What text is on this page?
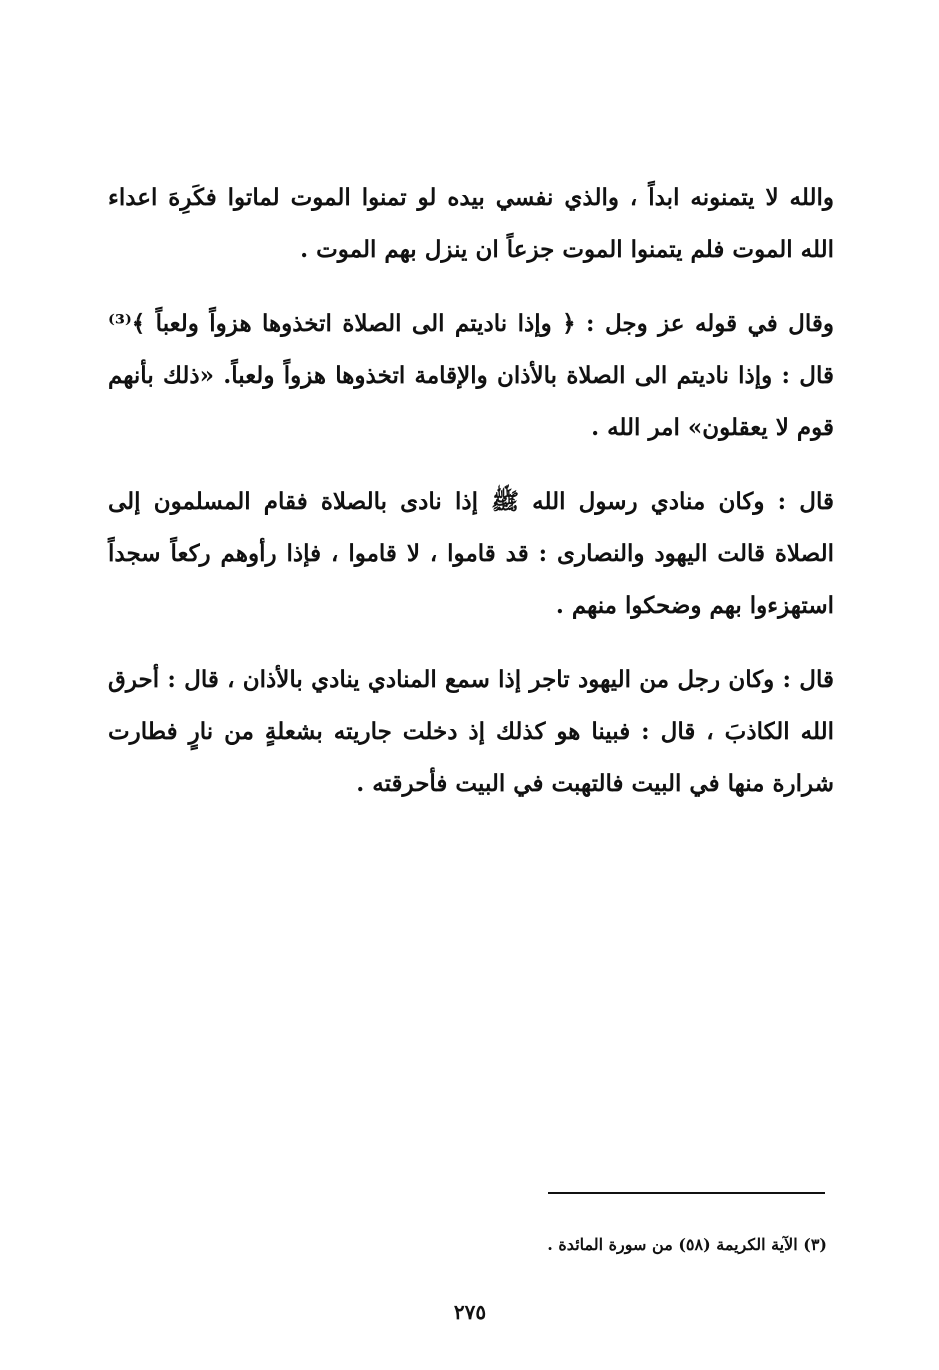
والله لا يتمنونه ابداً ، والذي نفسي بيده لو تمنوا الموت لماتوا فكَرِهَ اعداء الله الموت فلم يتمنوا الموت جزعاً ان ينزل بهم الموت .

وقال في قوله عز وجل : ﴿ وإذا ناديتم الى الصلاة اتخذوها هزواً ولعباً ﴾⁽³⁾ قال : وإذا ناديتم الى الصلاة بالأذان والإقامة اتخذوها هزواً ولعباً. «ذلك بأنهم قوم لا يعقلون» امر الله .

قال : وكان منادي رسول الله ﷺ إذا نادى بالصلاة فقام المسلمون إلى الصلاة قالت اليهود والنصارى : قد قاموا ، لا قاموا ، فإذا رأوهم ركعاً سجداً استهزءوا بهم وضحكوا منهم .

قال : وكان رجل من اليهود تاجر إذا سمع المنادي ينادي بالأذان ، قال : أحرق الله الكاذبَ ، قال : فبينا هو كذلك إذ دخلت جاريته بشعلةٍ من نارٍ فطارت شرارة منها في البيت فالتهبت في البيت فأحرقته .

(٣) الآية الكريمة (٥٨) من سورة المائدة .
٢٧٥
